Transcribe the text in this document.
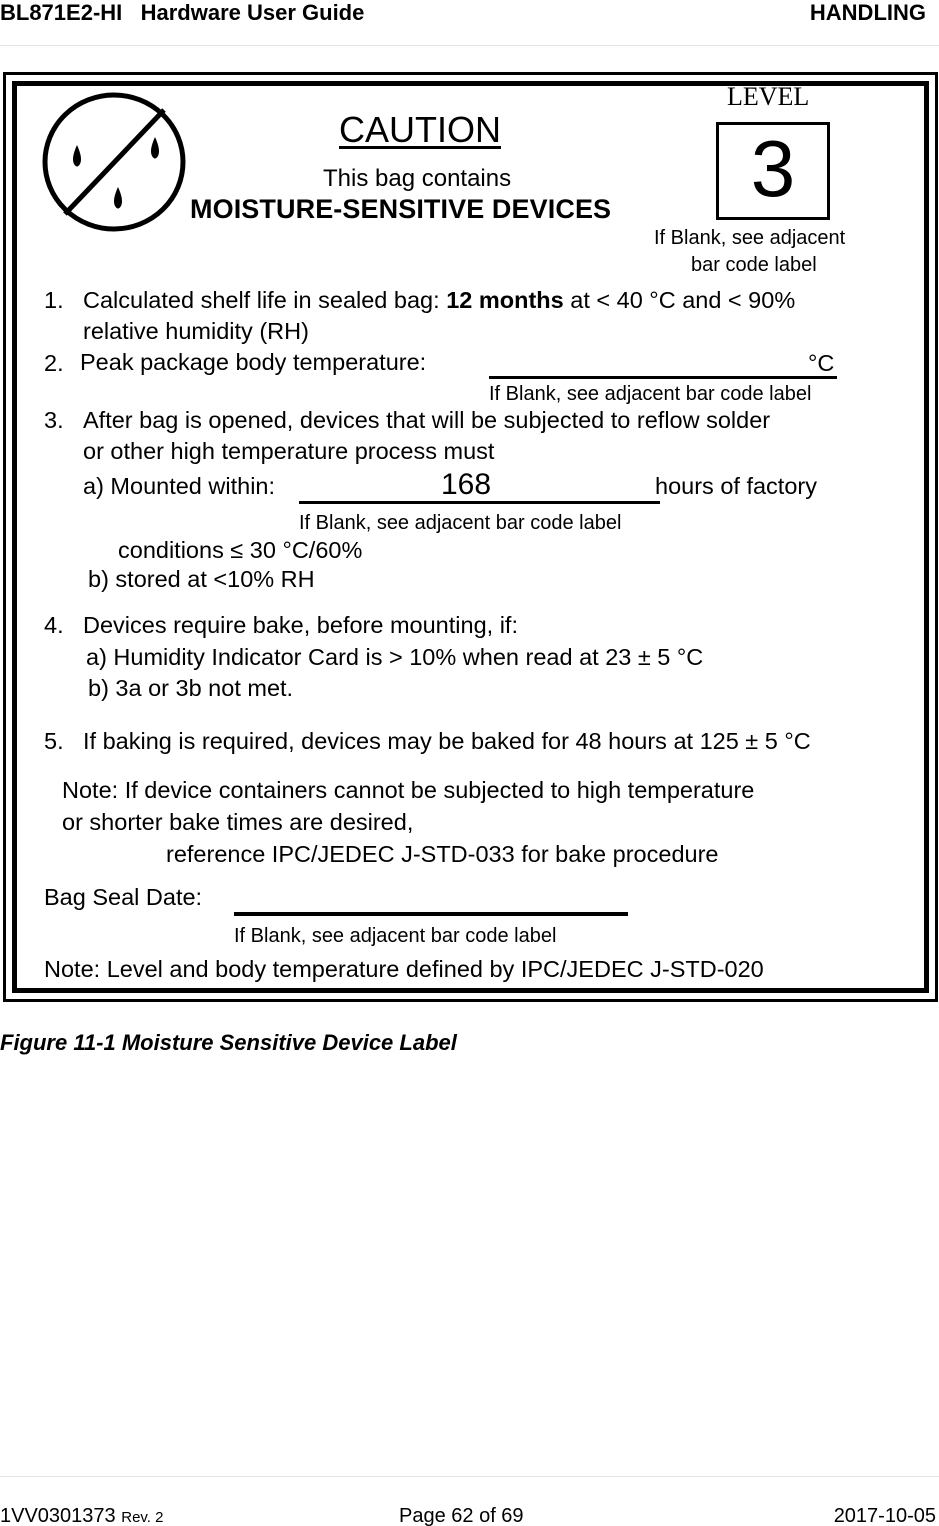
BL871E2-HI   Hardware User Guide	HANDLING
CAUTION
This bag contains
MOISTURE-SENSITIVE DEVICES
LEVEL
3
If Blank, see adjacent
bar code label
1. Calculated shelf life in sealed bag: 12 months at < 40 °C and < 90%
relative humidity (RH)
2. Peak package body temperature:	°C
If Blank, see adjacent bar code label
3. After bag is opened, devices that will be subjected to reflow solder
or other high temperature process must
a) Mounted within:	168	hours of factory
If Blank, see adjacent bar code label
conditions ≤ 30 °C/60%
b) stored at <10% RH
4. Devices require bake, before mounting, if:
a) Humidity Indicator Card is > 10% when read at 23 ± 5 °C
b) 3a or 3b not met.
5. If baking is required, devices may be baked for 48 hours at 125 ± 5 °C
Note: If device containers cannot be subjected to high temperature
or shorter bake times are desired,
reference IPC/JEDEC J-STD-033 for bake procedure
Bag Seal Date:
If Blank, see adjacent bar code label
Note: Level and body temperature defined by IPC/JEDEC J-STD-020
Figure 11-1 Moisture Sensitive Device Label
1VV0301373 Rev. 2	Page 62 of 69	2017-10-05
